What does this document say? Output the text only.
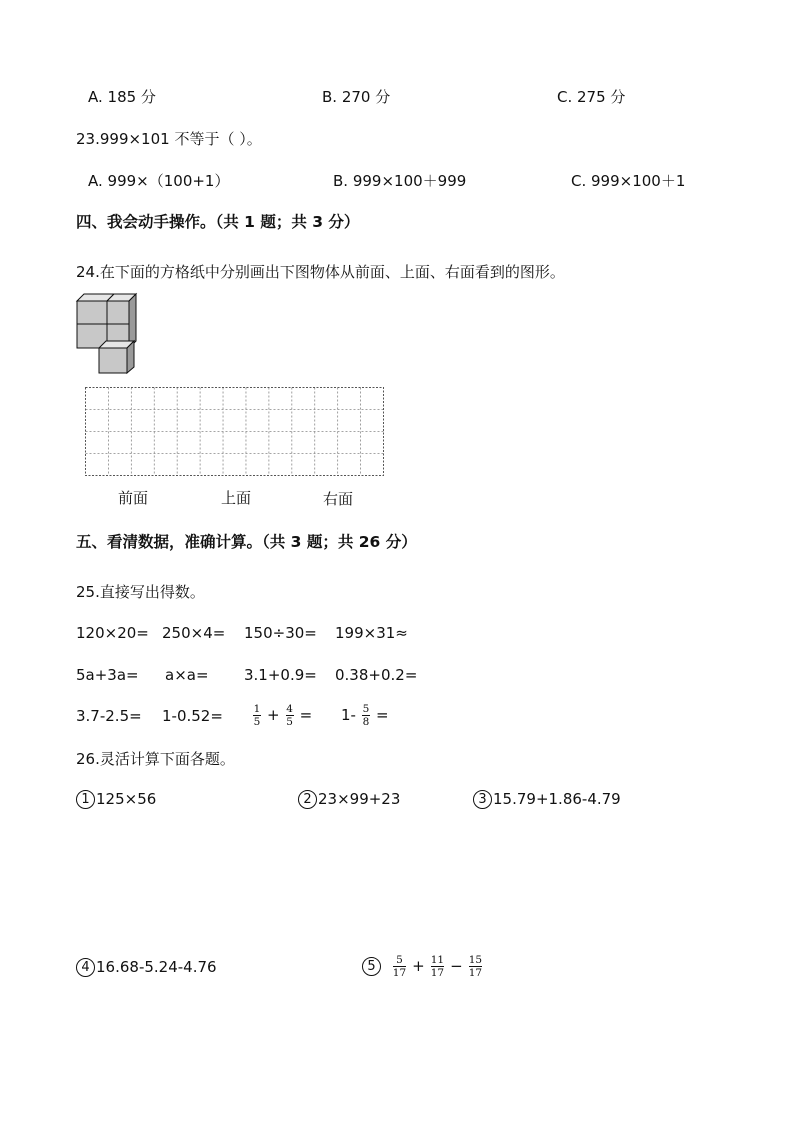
A. 185 分	B. 270 分	C. 275 分
23.999×101 不等于（ ）。
A. 999×（100+1）	B. 999×100＋999	C. 999×100＋1
四、我会动手操作。（共 1 题；共 3 分）
24.在下面的方格纸中分别画出下图物体从前面、上面、右面看到的图形。
前面	上面	右面
五、看清数据，准确计算。（共 3 题；共 26 分）
25.直接写出得数。
120×20= 250×4= 150÷30= 199×31≈
5a+3a= a×a= 3.1+0.9= 0.38+0.2=
3.7-2.5= 1-0.52=	$\frac{1}{5} + \frac{4}{5}$ =	$1- \frac{5}{8}$ =
26.灵活计算下面各题。
1 125×56	2 23×99+23	3 15.79+1.86-4.79
4 16.68-5.24-4.76	$5 \frac{5}{17} + \frac{11}{17} - \frac{15}{17}$
